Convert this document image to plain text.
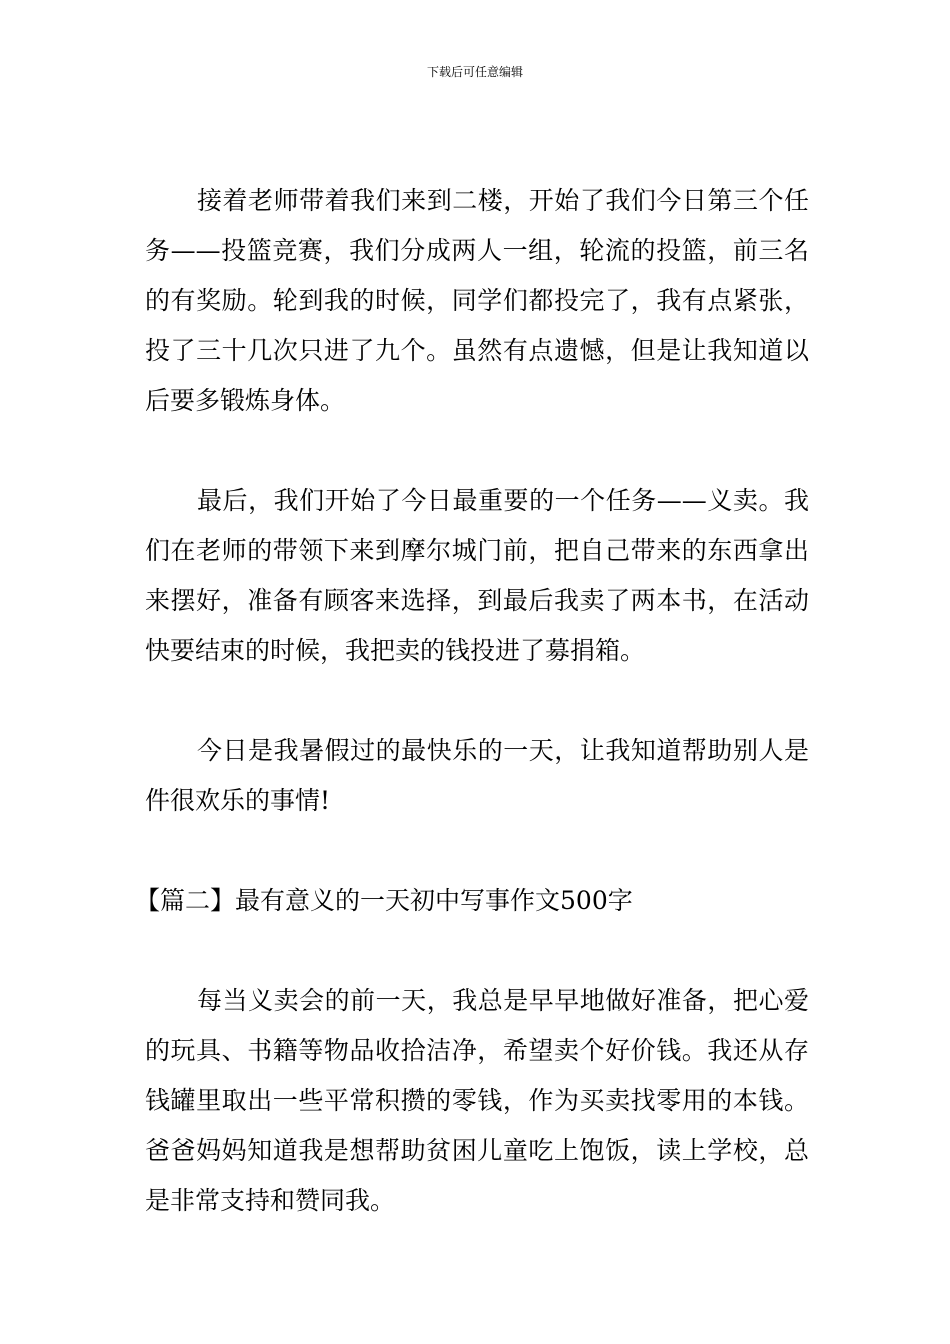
下载后可任意编辑

接着老师带着我们来到二楼，开始了我们今日第三个任务——投篮竞赛，我们分成两人一组，轮流的投篮，前三名的有奖励。轮到我的时候，同学们都投完了，我有点紧张，投了三十几次只进了九个。虽然有点遗憾，但是让我知道以后要多锻炼身体。

最后，我们开始了今日最重要的一个任务——义卖。我们在老师的带领下来到摩尔城门前，把自己带来的东西拿出来摆好，准备有顾客来选择，到最后我卖了两本书，在活动快要结束的时候，我把卖的钱投进了募捐箱。

今日是我暑假过的最快乐的一天，让我知道帮助别人是件很欢乐的事情!

【篇二】最有意义的一天初中写事作文500字

每当义卖会的前一天，我总是早早地做好准备，把心爱的玩具、书籍等物品收拾洁净，希望卖个好价钱。我还从存钱罐里取出一些平常积攒的零钱，作为买卖找零用的本钱。爸爸妈妈知道我是想帮助贫困儿童吃上饱饭，读上学校，总是非常支持和赞同我。
